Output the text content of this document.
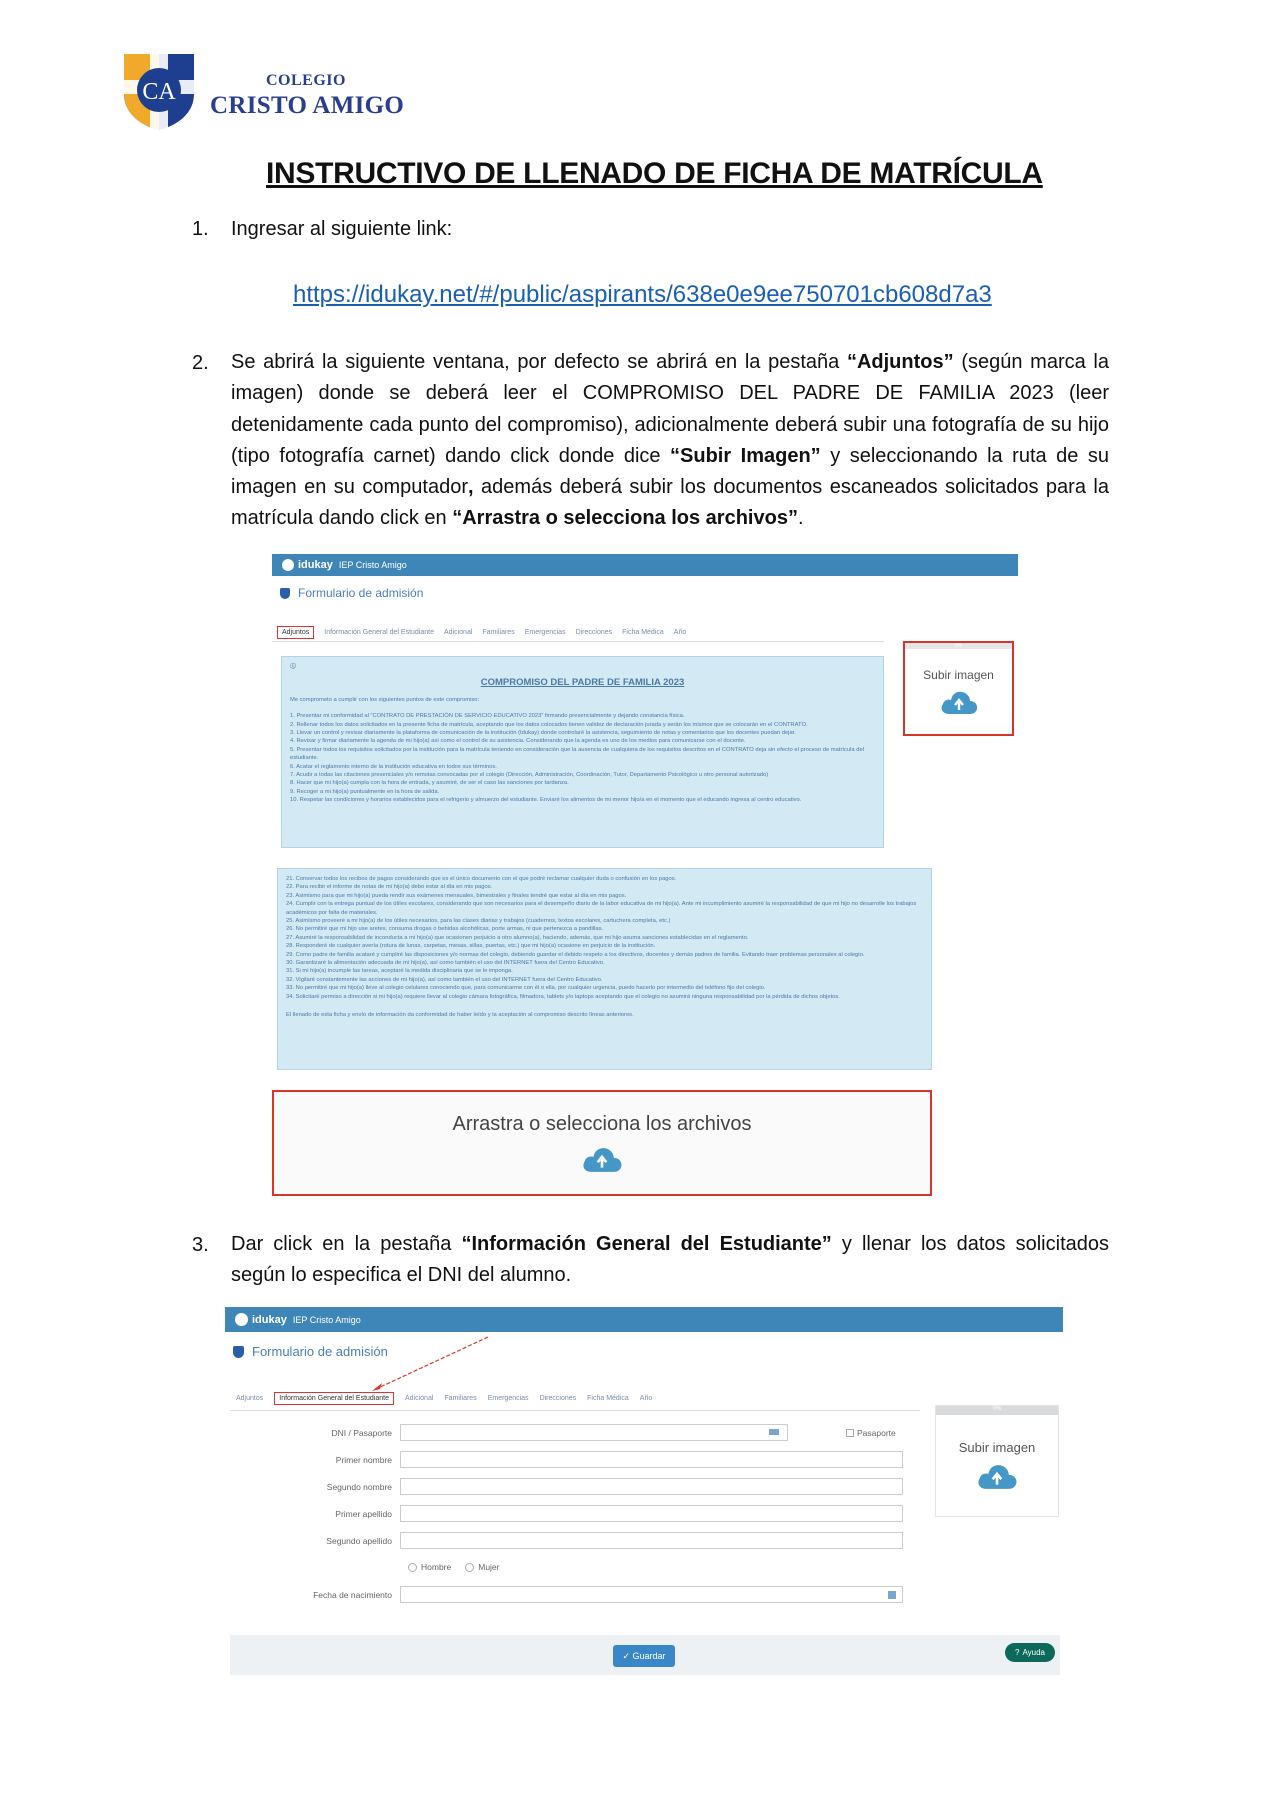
CA	COLEGIO
CRISTO AMIGO
INSTRUCTIVO DE LLENADO DE FICHA DE MATRÍCULA
1.	Ingresar al siguiente link:
https://idukay.net/#/public/aspirants/638e0e9ee750701cb608d7a3
2.	Se abrirá la siguiente ventana, por defecto se abrirá en la pestaña “Adjuntos” (según marca la imagen) donde se deberá leer el COMPROMISO DEL PADRE DE FAMILIA 2023 (leer detenidamente cada punto del compromiso), adicionalmente deberá subir una fotografía de su hijo (tipo fotografía carnet) dando click donde dice “Subir Imagen” y seleccionando la ruta de su imagen en su computador, además deberá subir los documentos escaneados solicitados para la matrícula dando click en “Arrastra o selecciona los archivos”.
idukay IEP Cristo Amigo
Formulario de admisión
Adjuntos	Información General del Estudiante Adicional Familiares Emergencias Direcciones Ficha Médica Año
ⓘ
COMPROMISO DEL PADRE DE FAMILIA 2023
Me comprometo a cumplir con los siguientes puntos de este compromiso:
1. Presentar mi conformidad al “CONTRATO DE PRESTACIÓN DE SERVICIO EDUCATIVO 2023” firmando presencialmente y dejando constancia física.
2. Rellenar todos los datos solicitados en la presente ficha de matrícula, aceptando que los datos colocados tienen validez de declaración jurada y serán los mismos que se colocarán en el CONTRATO.
3. Llevar un control y revisar diariamente la plataforma de comunicación de la institución (Idukay) donde controlaré la asistencia, seguimiento de notas y comentarios que los docentes puedan dejar.
4. Revisar y firmar diariamente la agenda de mi hijo(a) así como el control de su asistencia. Considerando que la agenda es uno de los medios para comunicarse con el docente.
5. Presentar todos los requisitos solicitados por la institución para la matrícula teniendo en consideración que la ausencia de cualquiera de los requisitos descritos en el CONTRATO deja sin efecto el proceso de matrícula del estudiante.
6. Acatar el reglamento interno de la institución educativa en todos sus términos.
7. Acudir a todas las citaciones presenciales y/o remotas convocadas por el colegio (Dirección, Administración, Coordinación, Tutor, Departamento Psicológico u otro personal autorizado)
8. Hacer que mi hijo(a) cumpla con la hora de entrada, y asumiré, de ser el caso las sanciones por tardanza.
9. Recoger a mi hijo(a) puntualmente en la hora de salida.
10. Respetar las condiciones y horarios establecidos para el refrigerio y almuerzo del estudiante. Enviaré los alimentos de mi menor hijo/a en el momento que el educando ingresa al centro educativo.
0%
Subir imagen
21. Conservar todos los recibos de pagos considerando que es el único documento con el que podré reclamar cualquier duda o confusión en los pagos.
22. Para recibir el informe de notas de mi hijo(a) debo estar al día en mis pagos.
23. Asimismo para que mi hijo(a) pueda rendir sus exámenes mensuales, bimestrales y finales tendré que estar al día en mis pagos.
24. Cumplir con la entrega puntual de los útiles escolares, considerando que son necesarios para el desempeño diario de la labor educativa de mi hijo(a). Ante mi incumplimiento asumiré la responsabilidad de que mi hijo no desarrolle los trabajos académicos por falta de materiales.
25. Asimismo proveeré a mi hijo(a) de los útiles necesarios, para las clases diarias y trabajos (cuadernos, textos escolares, cartuchera completa, etc.)
26. No permitiré que mi hijo use aretes, consuma drogas o bebidas alcohólicas, porte armas, ni que pertenezca a pandillas.
27. Asumiré la responsabilidad de inconducta a mi hijo(a) que ocasionen perjuicio a otro alumno(a), haciendo, además, que mi hijo asuma sanciones establecidas en el reglamento.
28. Responderé de cualquier avería (rotura de lunas, carpetas, mesas, sillas, puertas, etc.) que mi hijo(a) ocasione en perjuicio de la institución.
29. Como padre de familia acataré y cumpliré las disposiciones y/o normas del colegio, debiendo guardar el debido respeto a los directivos, docentes y demás padres de familia. Evitando traer problemas personales al colegio.
30. Garantizaré la alimentación adecuada de mi hijo(a), así como también el uso del INTERNET fuera del Centro Educativo.
31. Si mi hijo(a) incumple las tareas, aceptaré la medida disciplinaria que se le imponga.
32. Vigilaré constantemente las acciones de mi hijo(a), así como también el uso del INTERNET fuera del Centro Educativo.
33. No permitiré que mi hijo(a) lleve al colegio celulares conociendo que, para comunicarme con él o ella, por cualquier urgencia, puedo hacerlo por intermedio del teléfono fijo del colegio.
34. Solicitaré permiso a dirección si mi hijo(a) requiere llevar al colegio cámara fotográfica, filmadora, tablets y/o laptops aceptando que el colegio no asumirá ninguna responsabilidad por la pérdida de dichos objetos.
El llenado de esta ficha y envío de información da conformidad de haber leído y la aceptación al compromiso descrito líneas anteriores.
Arrastra o selecciona los archivos
3.	Dar click en la pestaña “Información General del Estudiante” y llenar los datos solicitados según lo especifica el DNI del alumno.
idukay IEP Cristo Amigo
Formulario de admisión
Adjuntos	Información General del Estudiante	Adicional Familiares Emergencias Direcciones Ficha Médica Año
DNI / Pasaporte	Pasaporte
Primer nombre
Segundo nombre
Primer apellido
Segundo apellido
Hombre	Mujer
Fecha de nacimiento
0%
Subir imagen
✓ Guardar	? Ayuda
